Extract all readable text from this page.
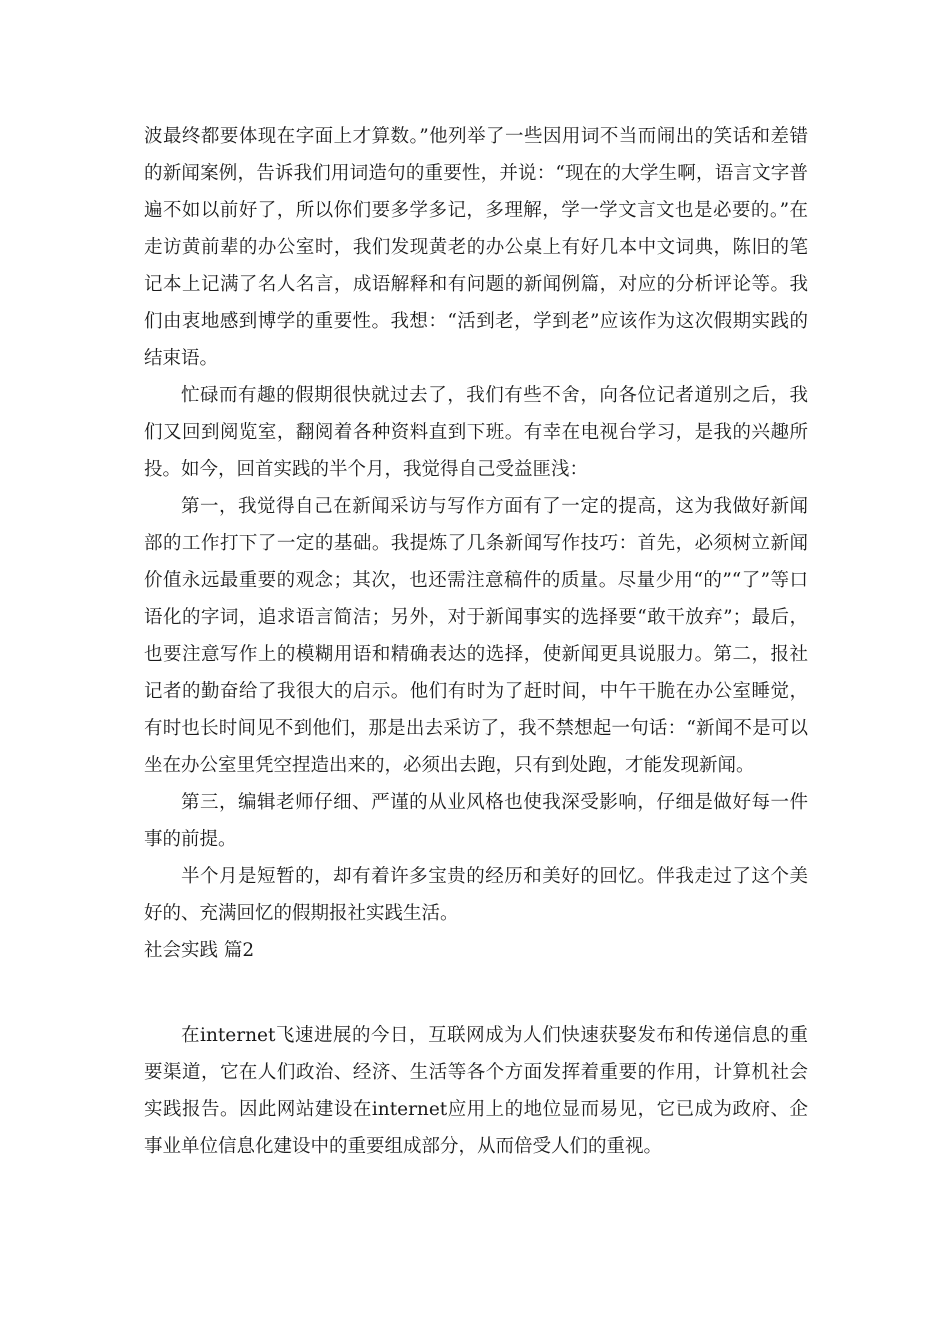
波最终都要体现在字面上才算数。”他列举了一些因用词不当而闹出的笑话和差错的新闻案例，告诉我们用词造句的重要性，并说：“现在的大学生啊，语言文字普遍不如以前好了，所以你们要多学多记，多理解，学一学文言文也是必要的。”在走访黄前辈的办公室时，我们发现黄老的办公桌上有好几本中文词典，陈旧的笔记本上记满了名人名言，成语解释和有问题的新闻例篇，对应的分析评论等。我们由衷地感到博学的重要性。我想：“活到老，学到老”应该作为这次假期实践的结束语。

忙碌而有趣的假期很快就过去了，我们有些不舍，向各位记者道别之后，我们又回到阅览室，翻阅着各种资料直到下班。有幸在电视台学习，是我的兴趣所投。如今，回首实践的半个月，我觉得自己受益匪浅：

第一，我觉得自己在新闻采访与写作方面有了一定的提高，这为我做好新闻部的工作打下了一定的基础。我提炼了几条新闻写作技巧：首先，必须树立新闻价值永远最重要的观念；其次，也还需注意稿件的质量。尽量少用“的”“了”等口语化的字词，追求语言简洁；另外，对于新闻事实的选择要“敢干放弃”；最后，也要注意写作上的模糊用语和精确表达的选择，使新闻更具说服力。第二，报社记者的勤奋给了我很大的启示。他们有时为了赶时间，中午干脆在办公室睡觉，有时也长时间见不到他们，那是出去采访了，我不禁想起一句话：“新闻不是可以坐在办公室里凭空捏造出来的，必须出去跑，只有到处跑，才能发现新闻。

第三，编辑老师仔细、严谨的从业风格也使我深受影响，仔细是做好每一件事的前提。

半个月是短暂的，却有着许多宝贵的经历和美好的回忆。伴我走过了这个美好的、充满回忆的假期报社实践生活。

社会实践 篇2

在internet飞速进展的今日，互联网成为人们快速获娶发布和传递信息的重要渠道，它在人们政治、经济、生活等各个方面发挥着重要的作用，计算机社会实践报告。因此网站建设在internet应用上的地位显而易见，它已成为政府、企事业单位信息化建设中的重要组成部分，从而倍受人们的重视。
